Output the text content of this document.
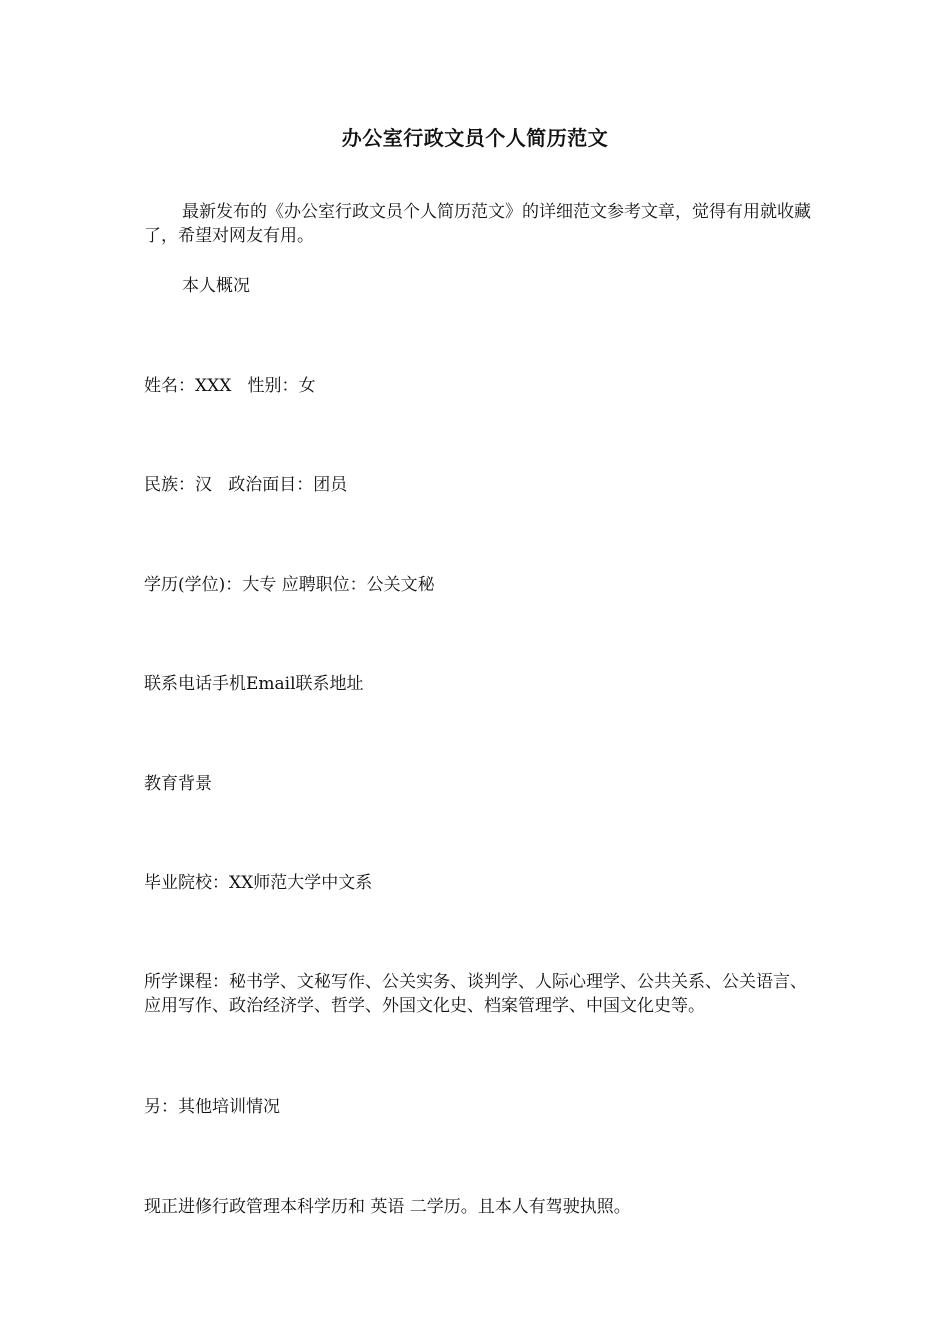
办公室行政文员个人简历范文
最新发布的《办公室行政文员个人简历范文》的详细范文参考文章，觉得有用就收藏了，希望对网友有用。
本人概况
姓名：XXX   性别：女
民族：汉   政治面目：团员
学历(学位)：大专 应聘职位：公关文秘
联系电话手机Email联系地址
教育背景
毕业院校：XX师范大学中文系
所学课程：秘书学、文秘写作、公关实务、谈判学、人际心理学、公共关系、公关语言、应用写作、政治经济学、哲学、外国文化史、档案管理学、中国文化史等。
另：其他培训情况
现正进修行政管理本科学历和 英语 二学历。且本人有驾驶执照。
